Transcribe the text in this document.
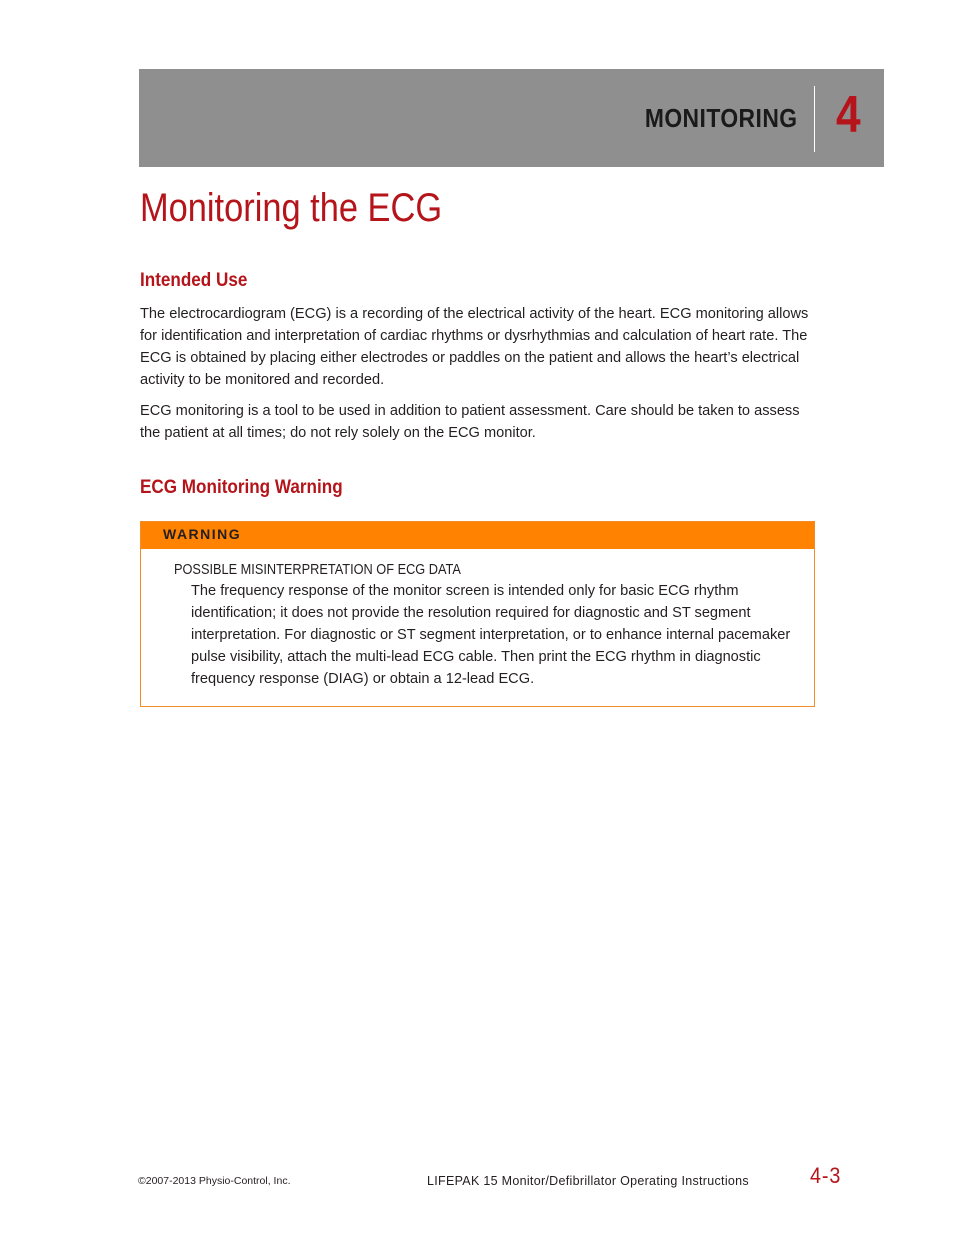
MONITORING 4
Monitoring the ECG
Intended Use

The electrocardiogram (ECG) is a recording of the electrical activity of the heart. ECG monitoring allows for identification and interpretation of cardiac rhythms or dysrhythmias and calculation of heart rate. The ECG is obtained by placing either electrodes or paddles on the patient and allows the heart’s electrical activity to be monitored and recorded.

ECG monitoring is a tool to be used in addition to patient assessment. Care should be taken to assess the patient at all times; do not rely solely on the ECG monitor.

ECG Monitoring Warning
WARNING
POSSIBLE MISINTERPRETATION OF ECG DATA

The frequency response of the monitor screen is intended only for basic ECG rhythm identification; it does not provide the resolution required for diagnostic and ST segment interpretation. For diagnostic or ST segment interpretation, or to enhance internal pacemaker pulse visibility, attach the multi-lead ECG cable. Then print the ECG rhythm in diagnostic frequency response (DIAG) or obtain a 12-lead ECG.

©2007-2013 Physio-Control, Inc.	LIFEPAK 15 Monitor/Defibrillator Operating Instructions	4-3
